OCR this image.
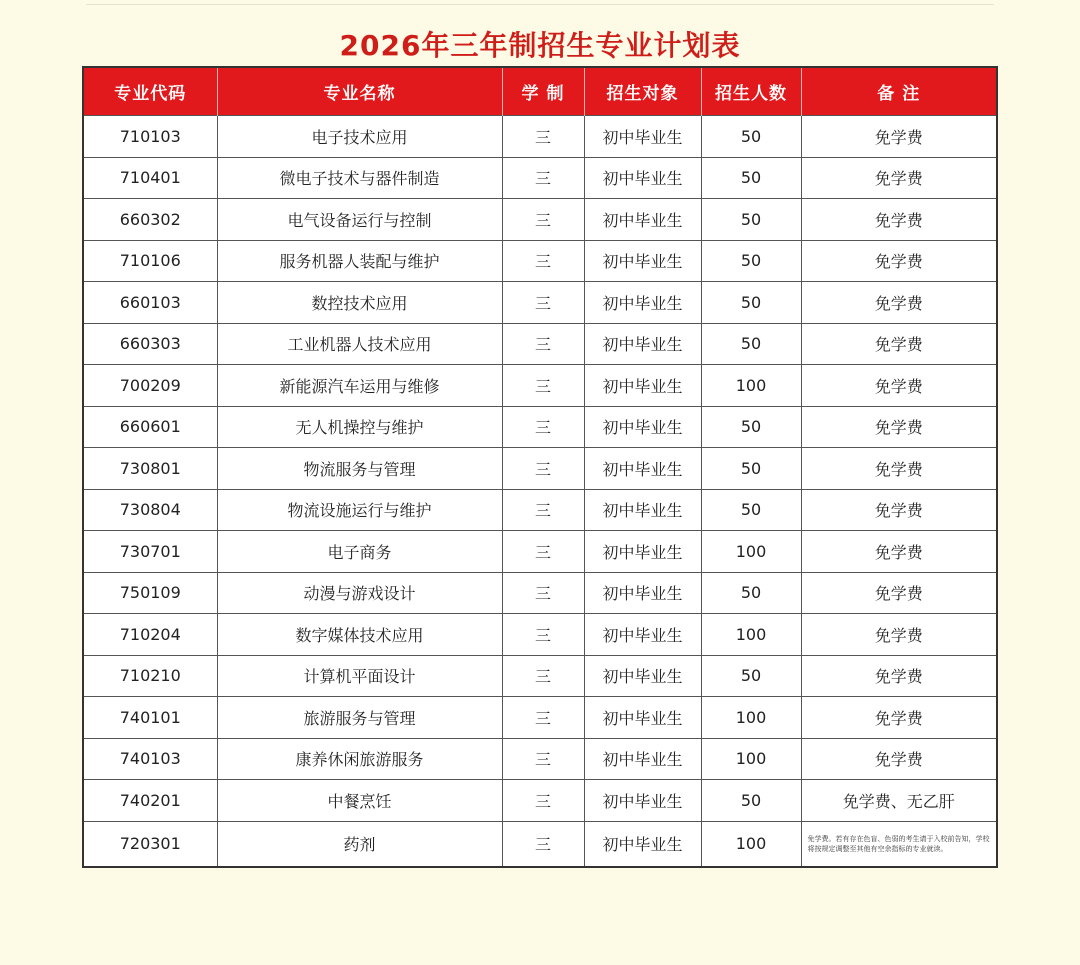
2026年三年制招生专业计划表
专业代码	专业名称	学 制	招生对象	招生人数	备 注
710103	电子技术应用	三	初中毕业生	50	免学费
710401	微电子技术与器件制造	三	初中毕业生	50	免学费
660302	电气设备运行与控制	三	初中毕业生	50	免学费
710106	服务机器人装配与维护	三	初中毕业生	50	免学费
660103	数控技术应用	三	初中毕业生	50	免学费
660303	工业机器人技术应用	三	初中毕业生	50	免学费
700209	新能源汽车运用与维修	三	初中毕业生	100	免学费
660601	无人机操控与维护	三	初中毕业生	50	免学费
730801	物流服务与管理	三	初中毕业生	50	免学费
730804	物流设施运行与维护	三	初中毕业生	50	免学费
730701	电子商务	三	初中毕业生	100	免学费
750109	动漫与游戏设计	三	初中毕业生	50	免学费
710204	数字媒体技术应用	三	初中毕业生	100	免学费
710210	计算机平面设计	三	初中毕业生	50	免学费
740101	旅游服务与管理	三	初中毕业生	100	免学费
740103	康养休闲旅游服务	三	初中毕业生	100	免学费
740201	中餐烹饪	三	初中毕业生	50	免学费、无乙肝
720301	药剂	三	初中毕业生	100	免学费。若有存在色盲、色弱的考生请于入校前告知，学校将按规定调整至其他有空余指标的专业就读。
